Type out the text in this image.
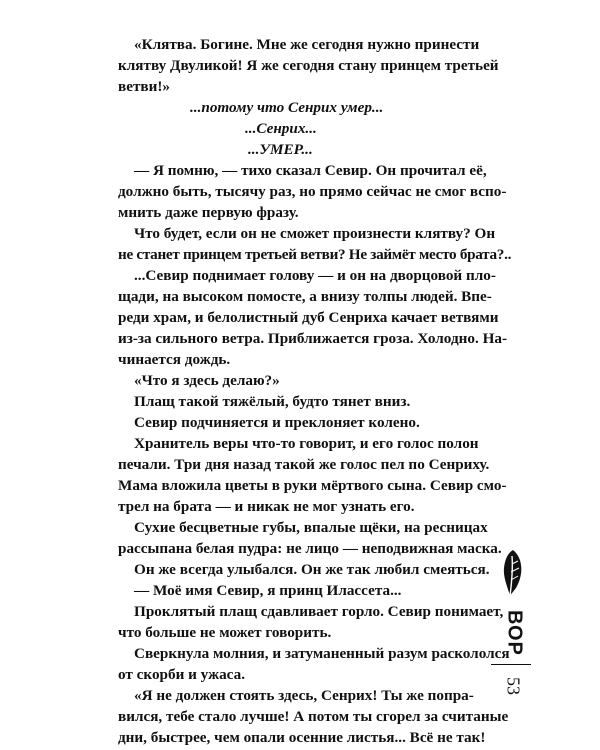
«Клятва. Богине. Мне же сегодня нужно принести
клятву Двуликой! Я же сегодня стану принцем третьей
ветви!»
...потому что Сенрих умер...
...Сенрих...
...УМЕР...
— Я помню, — тихо сказал Севир. Он прочитал её,
должно быть, тысячу раз, но прямо сейчас не смог вспо-
мнить даже первую фразу.
Что будет, если он не сможет произнести клятву? Он
не станет принцем третьей ветви? Не займёт место брата?..
...Севир поднимает голову — и он на дворцовой пло-
щади, на высоком помосте, а внизу толпы людей. Впе-
реди храм, и белолистный дуб Сенриха качает ветвями
из-за сильного ветра. Приближается гроза. Холодно. На-
чинается дождь.
«Что я здесь делаю?»
Плащ такой тяжёлый, будто тянет вниз.
Севир подчиняется и преклоняет колено.
Хранитель веры что-то говорит, и его голос полон
печали. Три дня назад такой же голос пел по Сенриху.
Мама вложила цветы в руки мёртвого сына. Севир смо-
трел на брата — и никак не мог узнать его.
Сухие бесцветные губы, впалые щёки, на ресницах
рассыпана белая пудра: не лицо — неподвижная маска.
Он же всегда улыбался. Он же так любил смеяться.
— Моё имя Севир, я принц Илассета...
Проклятый плащ сдавливает горло. Севир понимает,
что больше не может говорить.
Сверкнула молния, и затуманенный разум раскололся
от скорби и ужаса.
«Я не должен стоять здесь, Сенрих! Ты же попра-
вился, тебе стало лучше! А потом ты сгорел за считаные
дни, быстрее, чем опали осенние листья... Всё не так!
ВОР
53
